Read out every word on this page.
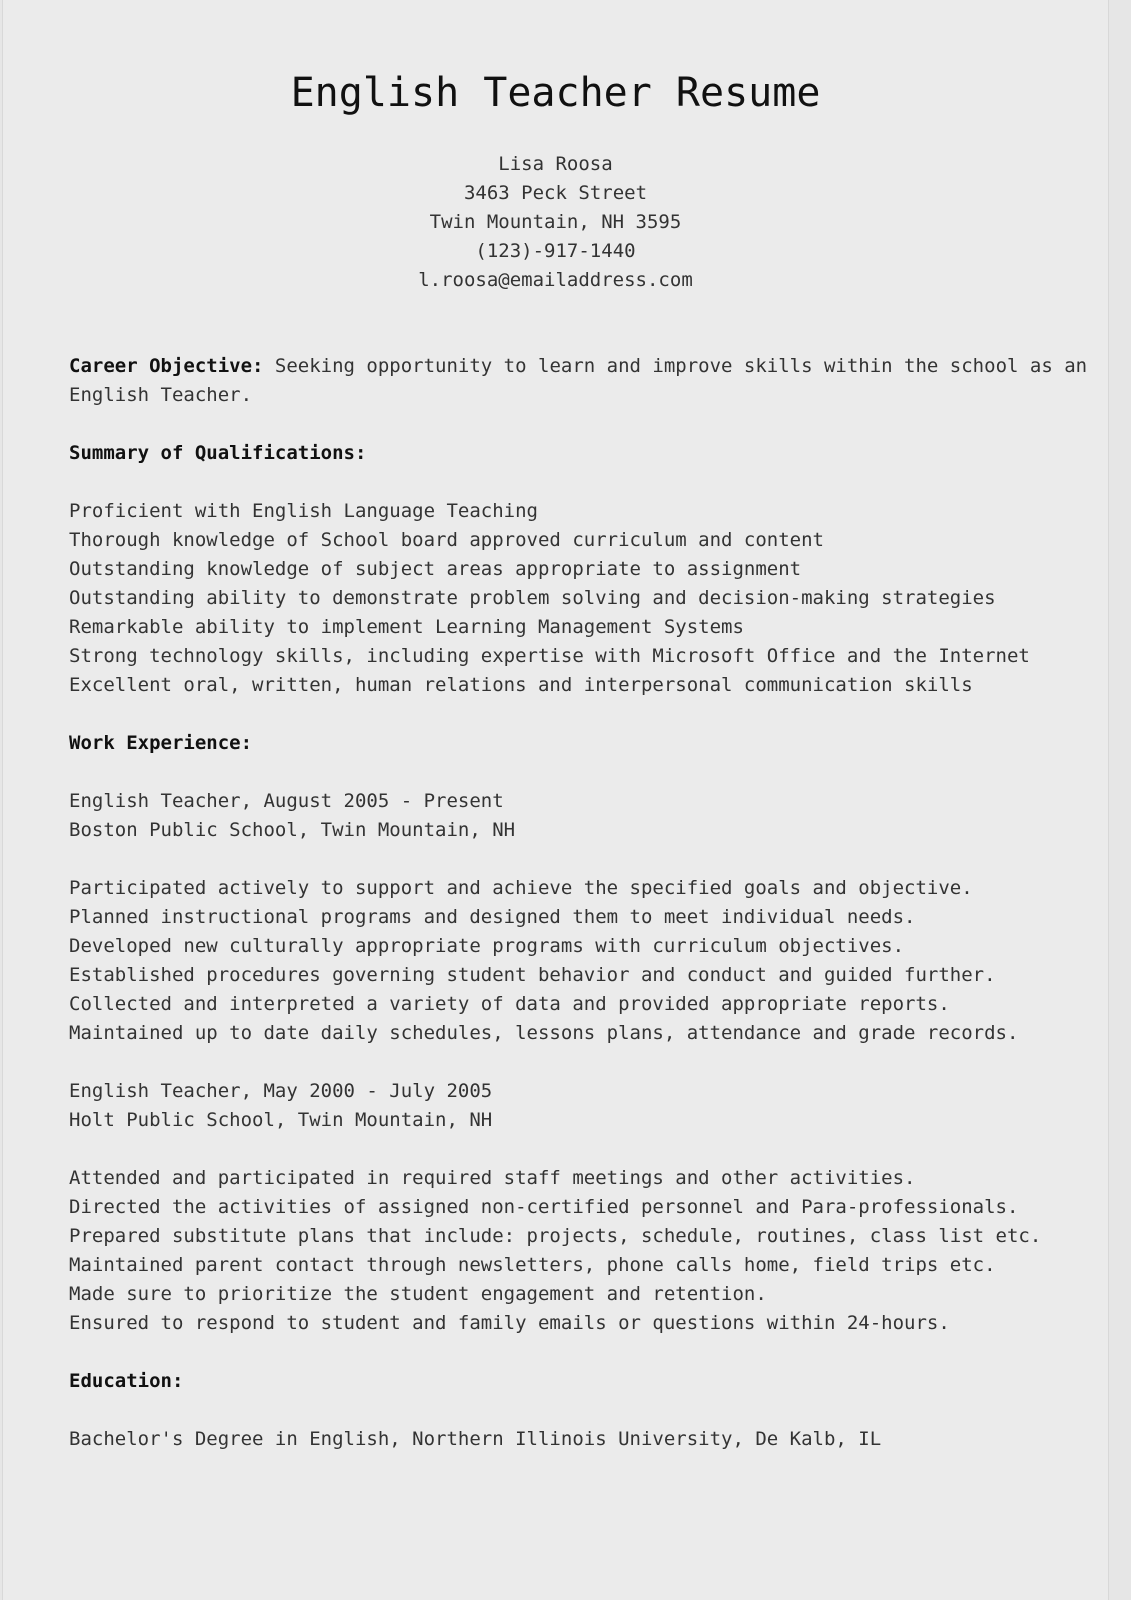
English Teacher Resume
Lisa Roosa
3463 Peck Street
Twin Mountain, NH 3595
(123)-917-1440
l.roosa@emailaddress.com
Career Objective: Seeking opportunity to learn and improve skills within the school as an
English Teacher.
Summary of Qualifications:
Proficient with English Language Teaching
Thorough knowledge of School board approved curriculum and content
Outstanding knowledge of subject areas appropriate to assignment
Outstanding ability to demonstrate problem solving and decision-making strategies
Remarkable ability to implement Learning Management Systems
Strong technology skills, including expertise with Microsoft Office and the Internet
Excellent oral, written, human relations and interpersonal communication skills
Work Experience:
English Teacher, August 2005 - Present
Boston Public School, Twin Mountain, NH
Participated actively to support and achieve the specified goals and objective.
Planned instructional programs and designed them to meet individual needs.
Developed new culturally appropriate programs with curriculum objectives.
Established procedures governing student behavior and conduct and guided further.
Collected and interpreted a variety of data and provided appropriate reports.
Maintained up to date daily schedules, lessons plans, attendance and grade records.
English Teacher, May 2000 - July 2005
Holt Public School, Twin Mountain, NH
Attended and participated in required staff meetings and other activities.
Directed the activities of assigned non-certified personnel and Para-professionals.
Prepared substitute plans that include: projects, schedule, routines, class list etc.
Maintained parent contact through newsletters, phone calls home, field trips etc.
Made sure to prioritize the student engagement and retention.
Ensured to respond to student and family emails or questions within 24-hours.
Education:
Bachelor's Degree in English, Northern Illinois University, De Kalb, IL
